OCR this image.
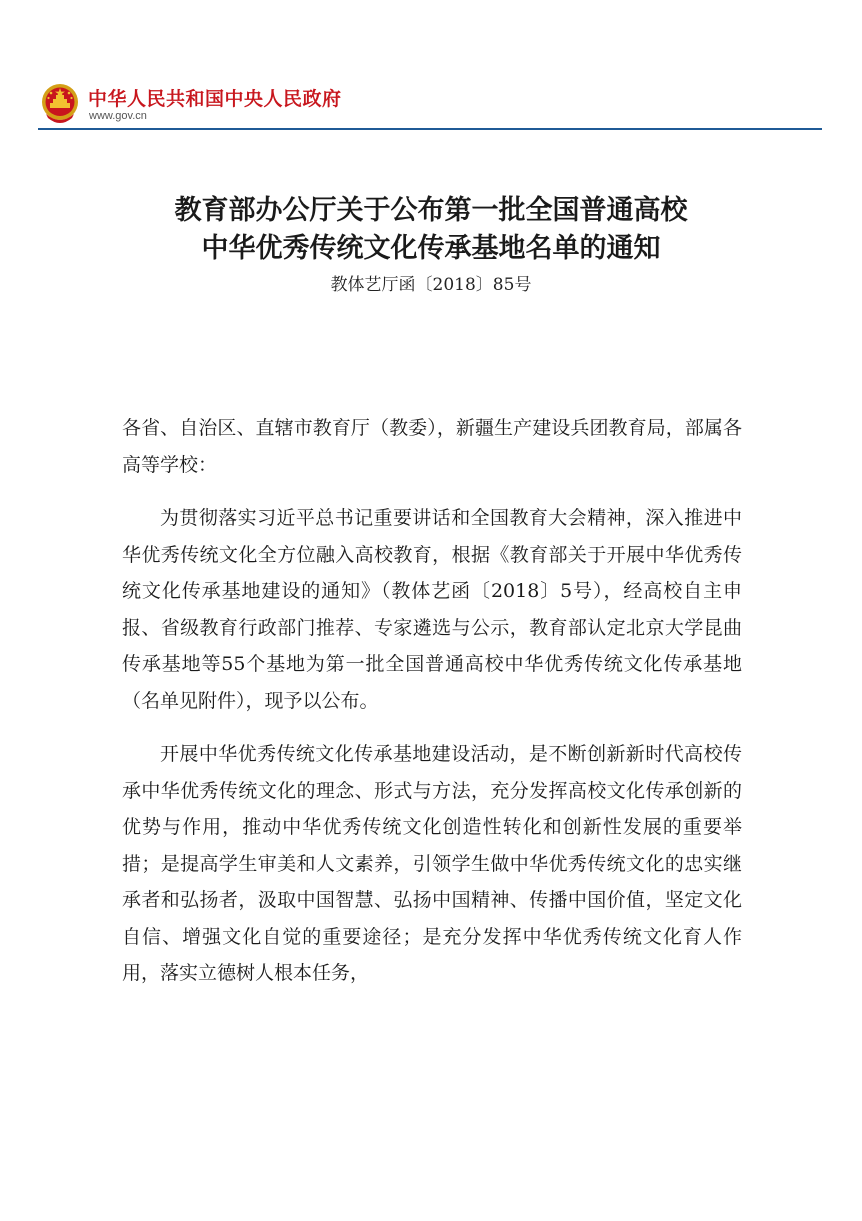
中华人民共和国中央人民政府
www.gov.cn
教育部办公厅关于公布第一批全国普通高校
中华优秀传统文化传承基地名单的通知
教体艺厅函〔2018〕85号

各省、自治区、直辖市教育厅（教委），新疆生产建设兵团教育局，部属各高等学校：

为贯彻落实习近平总书记重要讲话和全国教育大会精神，深入推进中华优秀传统文化全方位融入高校教育，根据《教育部关于开展中华优秀传统文化传承基地建设的通知》（教体艺函〔2018〕5号），经高校自主申报、省级教育行政部门推荐、专家遴选与公示，教育部认定北京大学昆曲传承基地等55个基地为第一批全国普通高校中华优秀传统文化传承基地（名单见附件），现予以公布。

开展中华优秀传统文化传承基地建设活动，是不断创新新时代高校传承中华优秀传统文化的理念、形式与方法，充分发挥高校文化传承创新的优势与作用，推动中华优秀传统文化创造性转化和创新性发展的重要举措；是提高学生审美和人文素养，引领学生做中华优秀传统文化的忠实继承者和弘扬者，汲取中国智慧、弘扬中国精神、传播中国价值，坚定文化自信、增强文化自觉的重要途径；是充分发挥中华优秀传统文化育人作用，落实立德树人根本任务，
